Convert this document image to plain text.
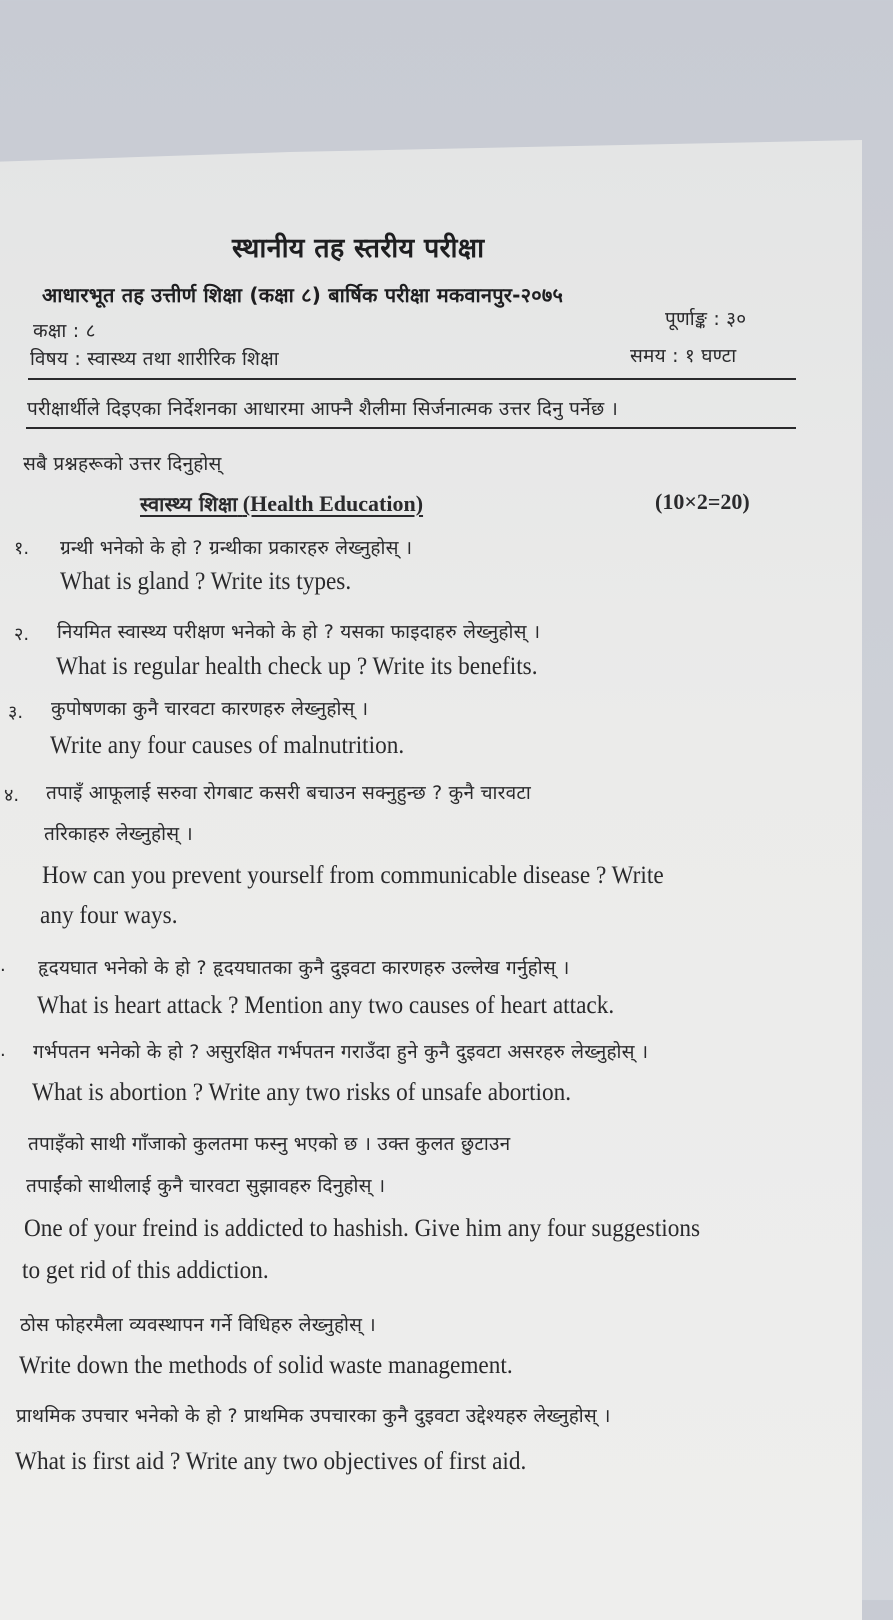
स्थानीय तह स्तरीय परीक्षा
आधारभूत तह उत्तीर्ण शिक्षा (कक्षा ८) बार्षिक परीक्षा मकवानपुर-२०७५
कक्षा : ८
पूर्णाङ्क : ३०
विषय : स्वास्थ्य तथा शारीरिक शिक्षा	समय : १ घण्टा
परीक्षार्थीले दिइएका निर्देशनका आधारमा आफ्नै शैलीमा सिर्जनात्मक उत्तर दिनु पर्नेछ ।
सबै प्रश्नहरूको उत्तर दिनुहोस्
स्वास्थ्य शिक्षा (Health Education)	(10×2=20)
१. ग्रन्थी भनेको के हो ? ग्रन्थीका प्रकारहरु लेख्नुहोस् ।
What is gland ? Write its types.
२. नियमित स्वास्थ्य परीक्षण भनेको के हो ? यसका फाइदाहरु लेख्नुहोस् ।
What is regular health check up ? Write its benefits.
३. कुपोषणका कुनै चारवटा कारणहरु लेख्नुहोस् ।
Write any four causes of malnutrition.
४. तपाइँ आफूलाई सरुवा रोगबाट कसरी बचाउन सक्नुहुन्छ ? कुनै चारवटा
तरिकाहरु लेख्नुहोस् ।
How can you prevent yourself from communicable disease ? Write
any four ways.
. हृदयघात भनेको के हो ? हृदयघातका कुनै दुइवटा कारणहरु उल्लेख गर्नुहोस् ।
What is heart attack ? Mention any two causes of heart attack.
. गर्भपतन भनेको के हो ? असुरक्षित गर्भपतन गराउँदा हुने कुनै दुइवटा असरहरु लेख्नुहोस् ।
What is abortion ? Write any two risks of unsafe abortion.
तपाइँको साथी गाँजाको कुलतमा फस्नु भएको छ । उक्त कुलत छुटाउन
तपाईंको साथीलाई कुनै चारवटा सुझावहरु दिनुहोस् ।
One of your freind is addicted to hashish. Give him any four suggestions
to get rid of this addiction.
ठोस फोहरमैला व्यवस्थापन गर्ने विधिहरु लेख्नुहोस् ।
Write down the methods of solid waste management.
प्राथमिक उपचार भनेको के हो ? प्राथमिक उपचारका कुनै दुइवटा उद्देश्यहरु लेख्नुहोस् ।
What is first aid ? Write any two objectives of first aid.
